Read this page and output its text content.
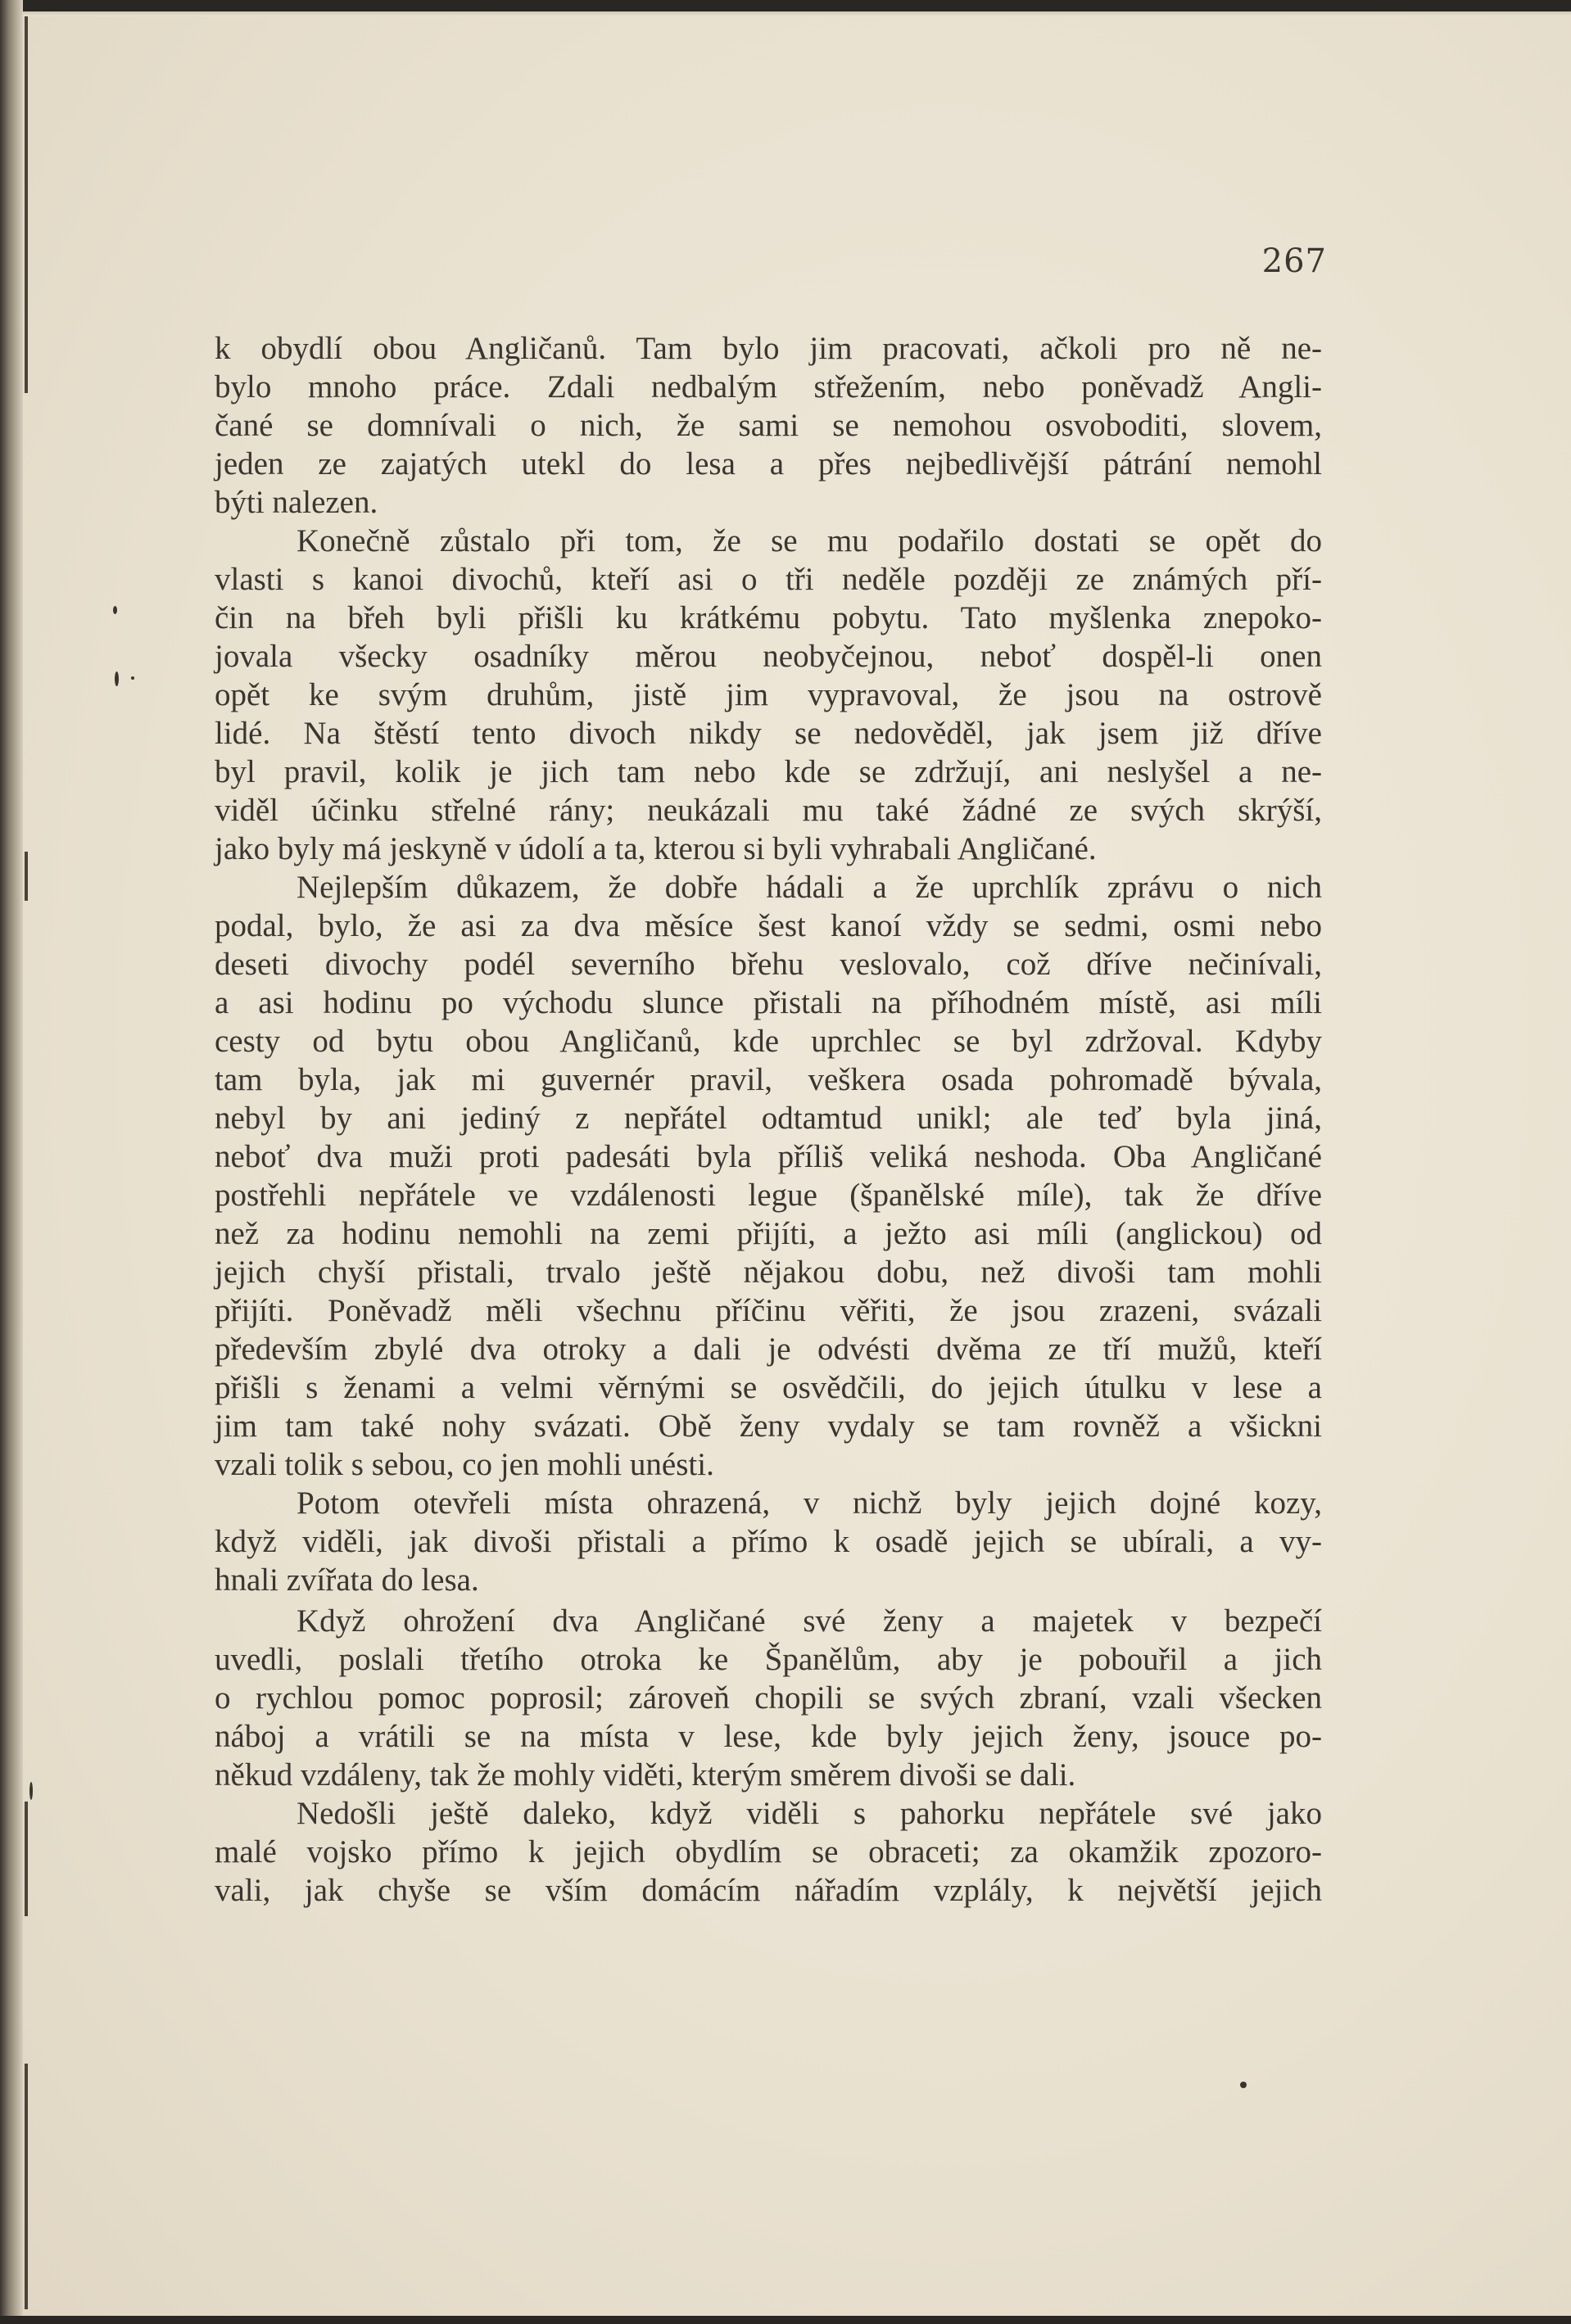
267
k obydlí obou Angličanů. Tam bylo jim pracovati, ačkoli pro ně ne-
bylo mnoho práce. Zdali nedbalým střežením, nebo poněvadž Angli-
čané se domnívali o nich, že sami se nemohou osvoboditi, slovem,
jeden ze zajatých utekl do lesa a přes nejbedlivější pátrání nemohl
býti nalezen.
Konečně zůstalo při tom, že se mu podařilo dostati se opět do
vlasti s kanoi divochů, kteří asi o tři neděle později ze známých pří-
čin na břeh byli přišli ku krátkému pobytu. Tato myšlenka znepoko-
jovala všecky osadníky měrou neobyčejnou, neboť dospěl-li onen
opět ke svým druhům, jistě jim vypravoval, že jsou na ostrově
lidé. Na štěstí tento divoch nikdy se nedověděl, jak jsem již dříve
byl pravil, kolik je jich tam nebo kde se zdržují, ani neslyšel a ne-
viděl účinku střelné rány; neukázali mu také žádné ze svých skrýší,
jako byly má jeskyně v údolí a ta, kterou si byli vyhrabali Angličané.
Nejlepším důkazem, že dobře hádali a že uprchlík zprávu o nich
podal, bylo, že asi za dva měsíce šest kanoí vždy se sedmi, osmi nebo
deseti divochy podél severního břehu veslovalo, což dříve nečinívali,
a asi hodinu po východu slunce přistali na příhodném místě, asi míli
cesty od bytu obou Angličanů, kde uprchlec se byl zdržoval. Kdyby
tam byla, jak mi guvernér pravil, veškera osada pohromadě bývala,
nebyl by ani jediný z nepřátel odtamtud unikl; ale teď byla jiná,
neboť dva muži proti padesáti byla příliš veliká neshoda. Oba Angličané
postřehli nepřátele ve vzdálenosti legue (španělské míle), tak že dříve
než za hodinu nemohli na zemi přijíti, a ježto asi míli (anglickou) od
jejich chyší přistali, trvalo ještě nějakou dobu, než divoši tam mohli
přijíti. Poněvadž měli všechnu příčinu věřiti, že jsou zrazeni, svázali
především zbylé dva otroky a dali je odvésti dvěma ze tří mužů, kteří
přišli s ženami a velmi věrnými se osvědčili, do jejich útulku v lese a
jim tam také nohy svázati. Obě ženy vydaly se tam rovněž a všickni
vzali tolik s sebou, co jen mohli unésti.
Potom otevřeli místa ohrazená, v nichž byly jejich dojné kozy,
když viděli, jak divoši přistali a přímo k osadě jejich se ubírali, a vy-
hnali zvířata do lesa.
Když ohrožení dva Angličané své ženy a majetek v bezpečí
uvedli, poslali třetího otroka ke Španělům, aby je pobouřil a jich
o rychlou pomoc poprosil; zároveň chopili se svých zbraní, vzali všecken
náboj a vrátili se na místa v lese, kde byly jejich ženy, jsouce po-
někud vzdáleny, tak že mohly viděti, kterým směrem divoši se dali.
Nedošli ještě daleko, když viděli s pahorku nepřátele své jako
malé vojsko přímo k jejich obydlím se obraceti; za okamžik zpozoro-
vali, jak chyše se vším domácím nářadím vzplály, k největší jejich
